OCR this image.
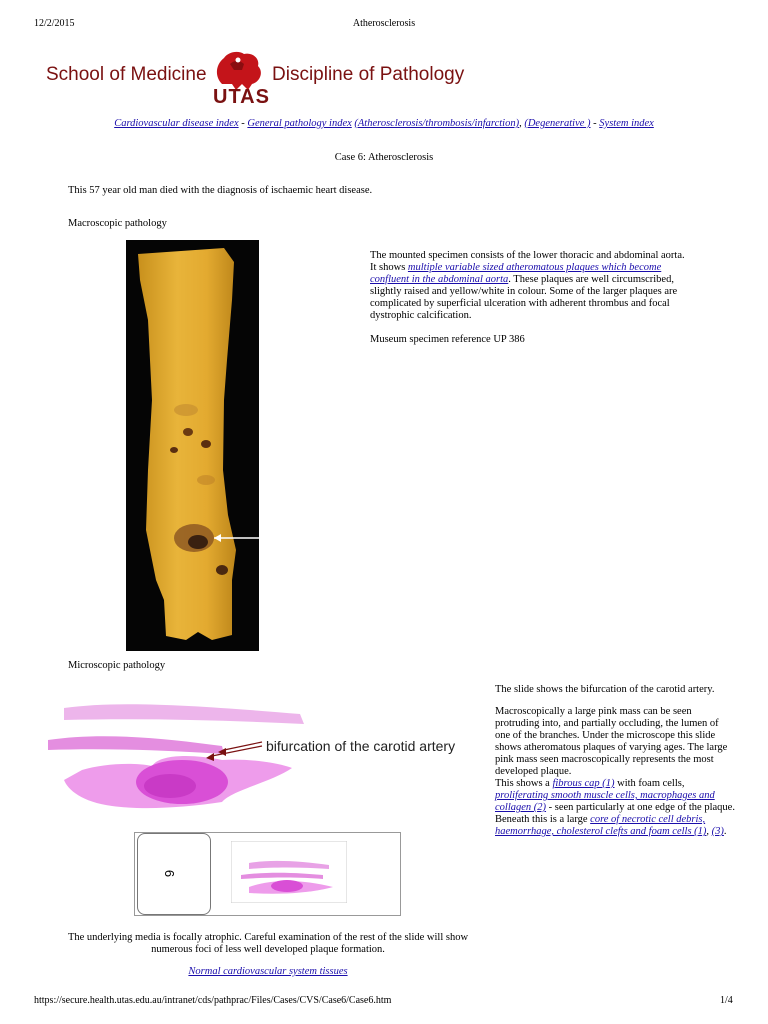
12/2/2015	Atherosclerosis
School of Medicine
UTAS
Discipline of Pathology
Cardiovascular disease index - General pathology index (Atherosclerosis/thrombosis/infarction), (Degenerative ) - System index
Case 6: Atherosclerosis
This 57 year old man died with the diagnosis of ischaemic heart disease.
Macroscopic pathology
The mounted specimen consists of the lower thoracic and abdominal aorta. It shows multiple variable sized atheromatous plaques which become confluent in the abdominal aorta. These plaques are well circumscribed, slightly raised and yellow/white in colour. Some of the larger plaques are complicated by superficial ulceration with adherent thrombus and focal dystrophic calcification.
Museum specimen reference UP 386
Microscopic pathology
bifurcation of the carotid artery
6
The slide shows the bifurcation of the carotid artery.
Macroscopically a large pink mass can be seen protruding into, and partially occluding, the lumen of one of the branches. Under the microscope this slide shows atheromatous plaques of varying ages. The large pink mass seen macroscopically represents the most developed plaque.
This shows a fibrous cap (1) with foam cells, proliferating smooth muscle cells, macrophages and collagen (2) - seen particularly at one edge of the plaque. Beneath this is a large core of necrotic cell debris, haemorrhage, cholesterol clefts and foam cells (1), (3).
The underlying media is focally atrophic. Careful examination of the rest of the slide will show numerous foci of less well developed plaque formation.
Normal cardiovascular system tissues
https://secure.health.utas.edu.au/intranet/cds/pathprac/Files/Cases/CVS/Case6/Case6.htm	1/4
